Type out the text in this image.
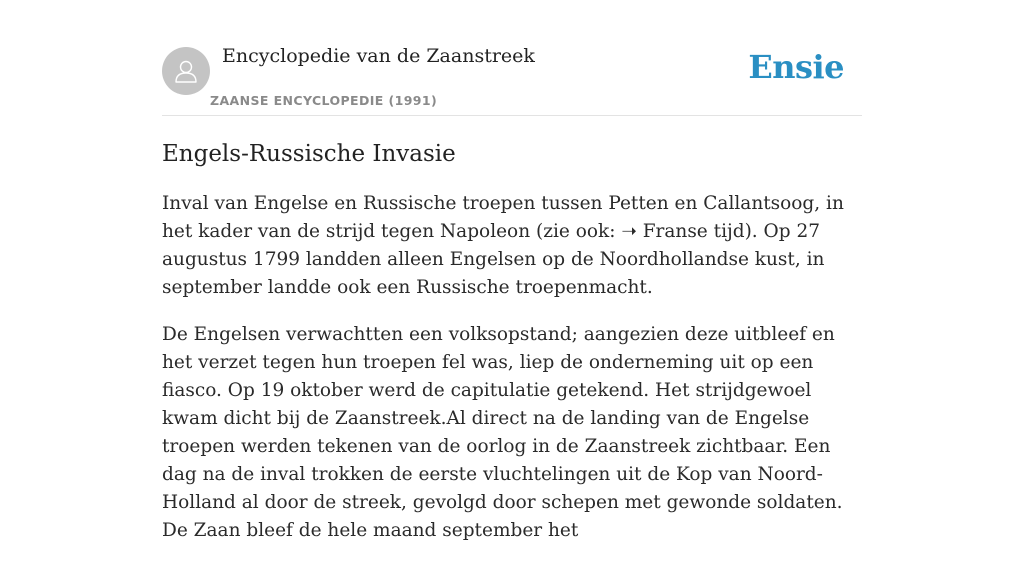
Encyclopedie van de Zaanstreek
ZAANSE ENCYCLOPEDIE (1991)
Ensie
Engels-Russische Invasie

Inval van Engelse en Russische troepen tussen Petten en Callantsoog, in het kader van de strijd tegen Napoleon (zie ook: ➝ Franse tijd). Op 27 augustus 1799 landden alleen Engelsen op de Noordhollandse kust, in september landde ook een Russische troepenmacht.

De Engelsen verwachtten een volksopstand; aangezien deze uitbleef en het verzet tegen hun troepen fel was, liep de onderneming uit op een fiasco. Op 19 oktober werd de capitulatie getekend. Het strijdgewoel kwam dicht bij de Zaanstreek.Al direct na de landing van de Engelse troepen werden tekenen van de oorlog in de Zaanstreek zichtbaar. Een dag na de inval trokken de eerste vluchtelingen uit de Kop van Noord-Holland al door de streek, gevolgd door schepen met gewonde soldaten. De Zaan bleef de hele maand september het
